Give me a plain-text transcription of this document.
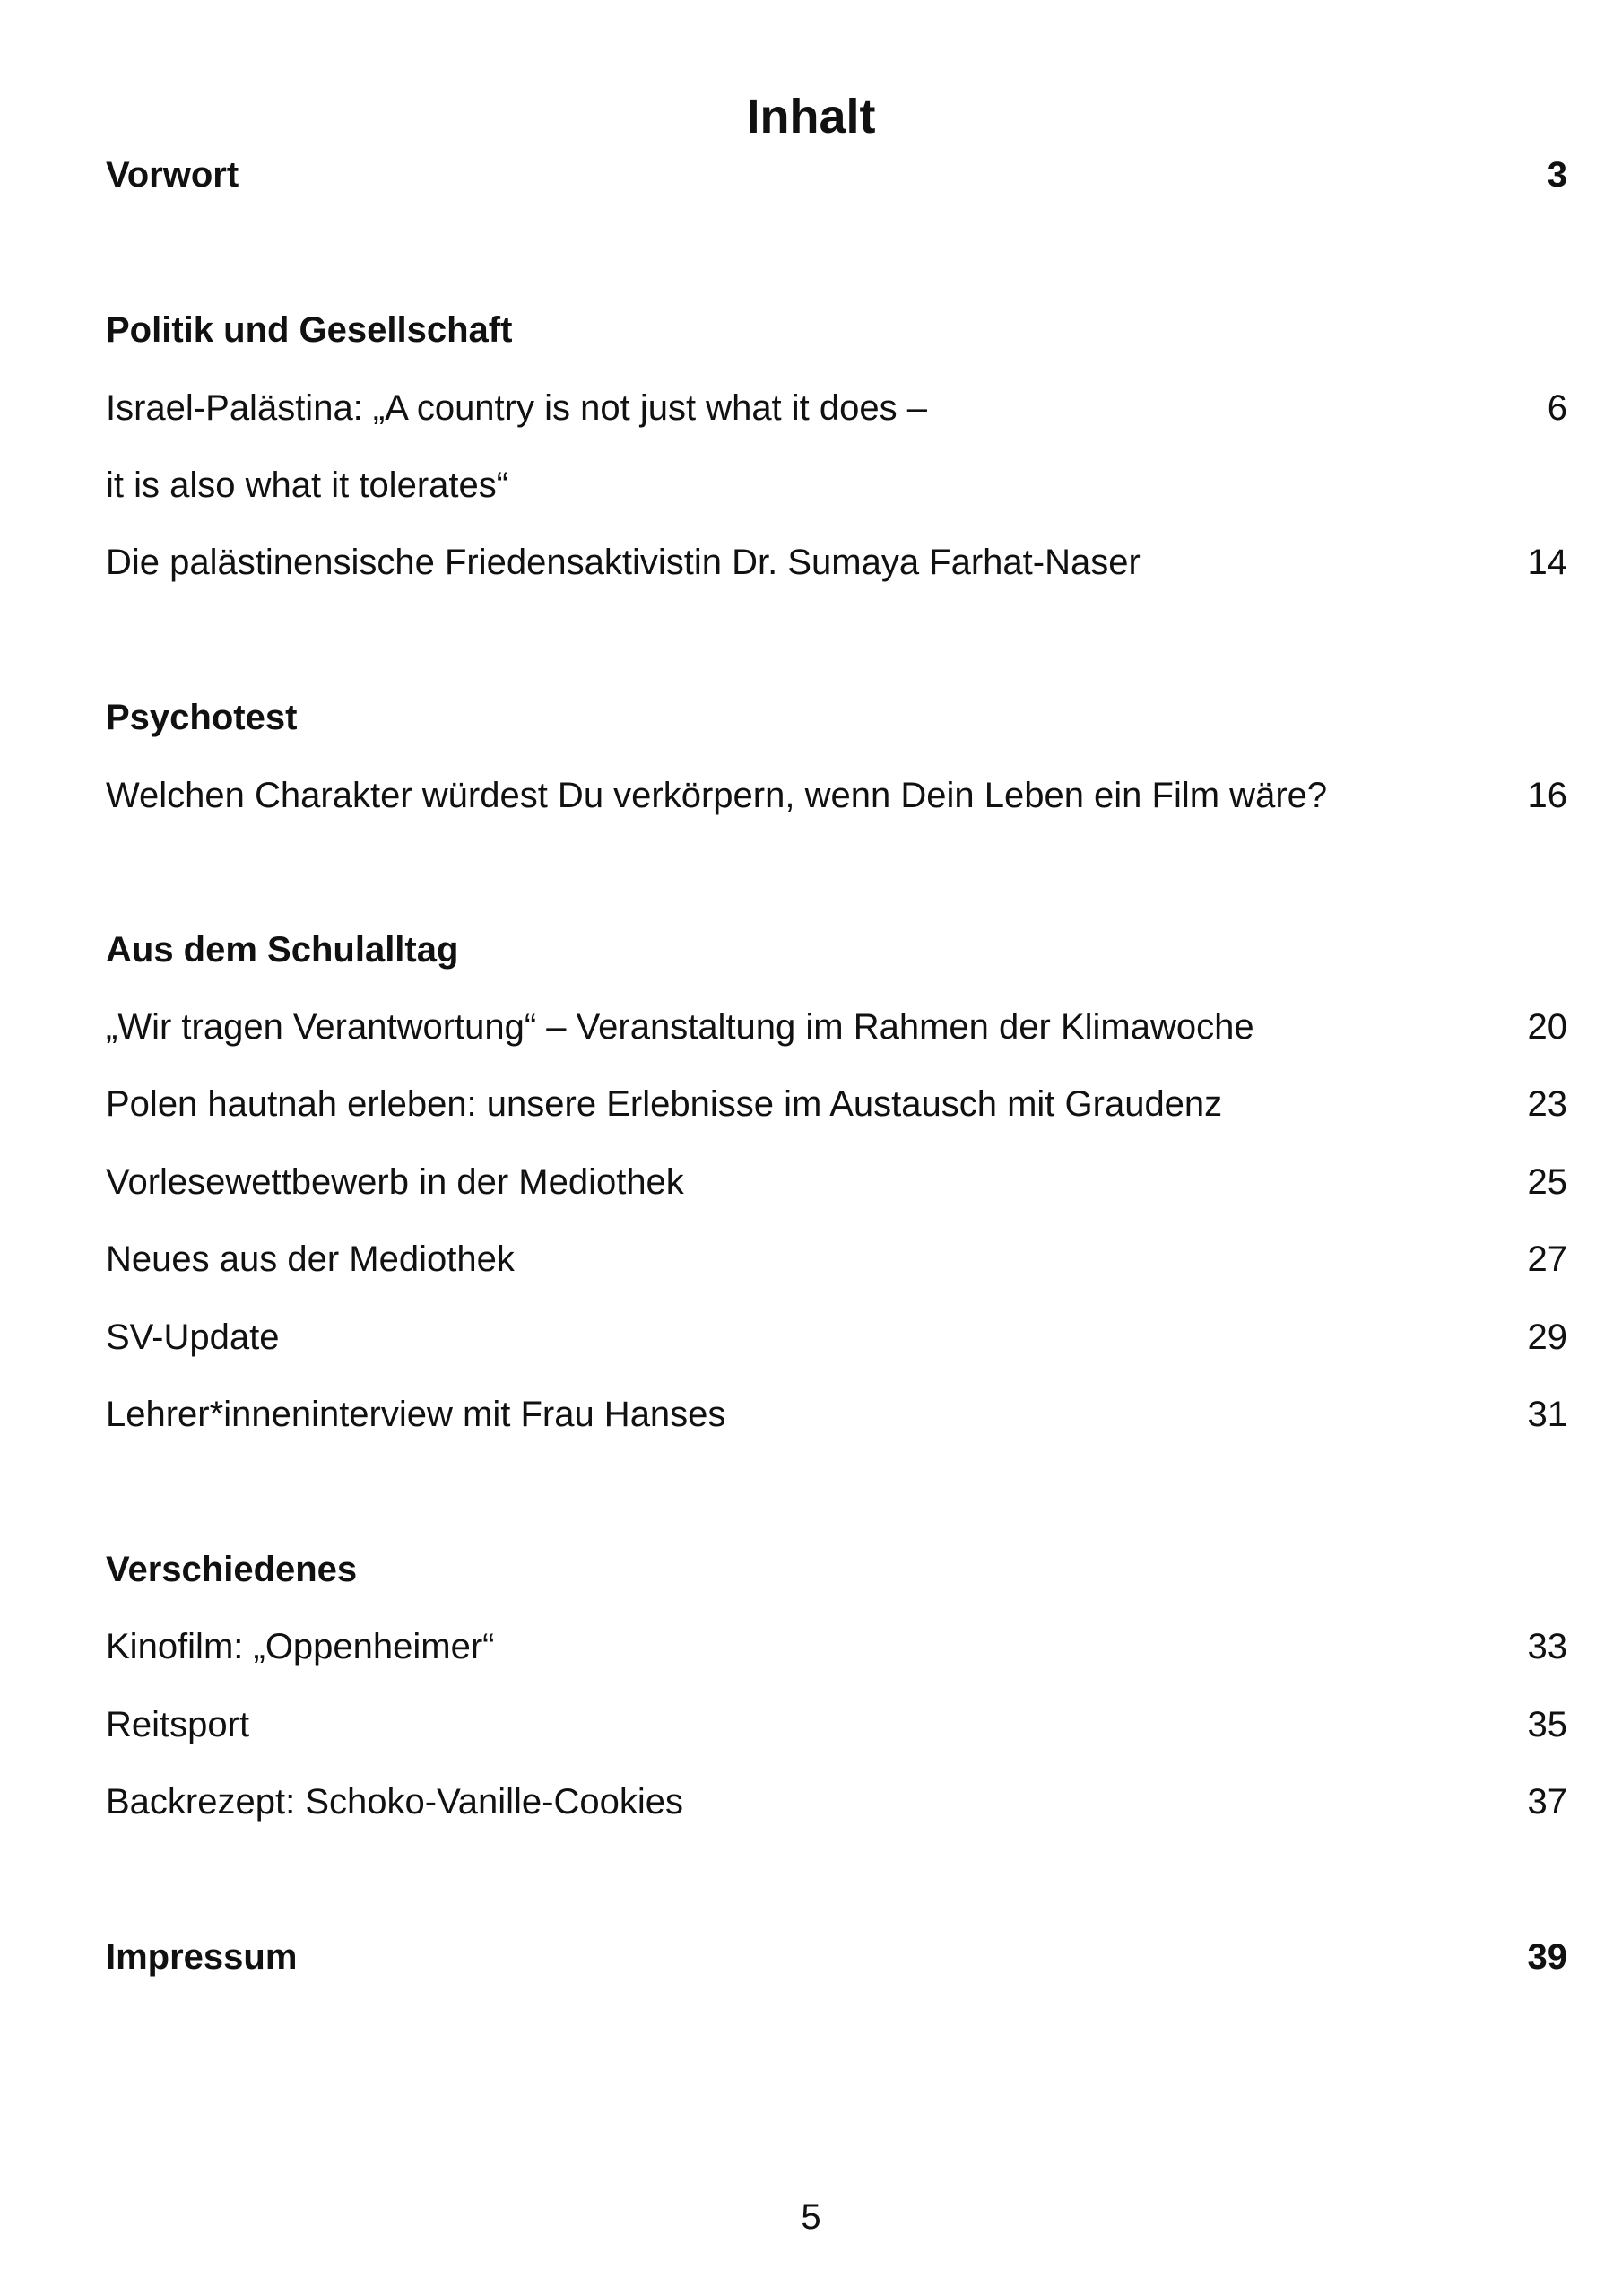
Inhalt
Vorwort	3
Politik und Gesellschaft
Israel-Palästina: „A country is not just what it does –	6
it is also what it tolerates“
Die palästinensische Friedensaktivistin Dr. Sumaya Farhat-Naser	14
Psychotest
Welchen Charakter würdest Du verkörpern, wenn Dein Leben ein Film wäre?	16
Aus dem Schulalltag
„Wir tragen Verantwortung“ – Veranstaltung im Rahmen der Klimawoche	20
Polen hautnah erleben: unsere Erlebnisse im Austausch mit Graudenz	23
Vorlesewettbewerb in der Mediothek	25
Neues aus der Mediothek	27
SV-Update	29
Lehrer*inneninterview mit Frau Hanses	31
Verschiedenes
Kinofilm: „Oppenheimer“	33
Reitsport	35
Backrezept: Schoko-Vanille-Cookies	37
Impressum	39
5
